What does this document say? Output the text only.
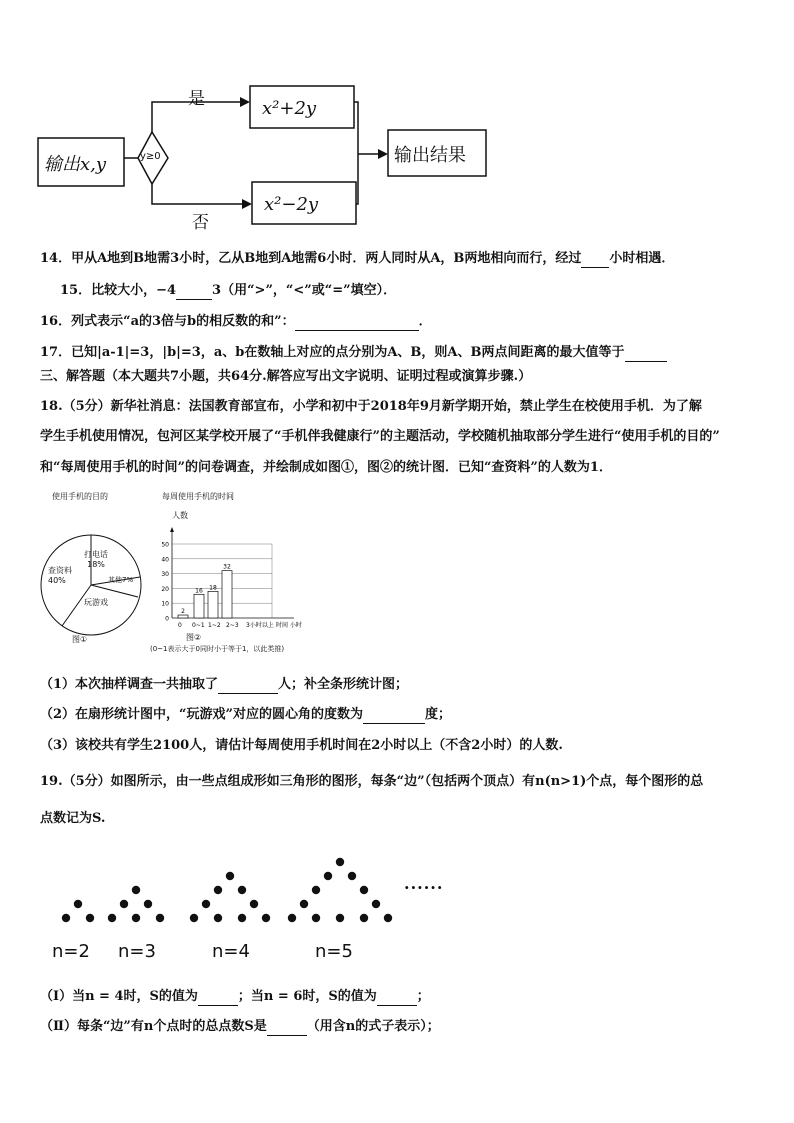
输出x,y	y≥0
是
否
x²+2y
x²−2y
输出结果
14．甲从A地到B地需3小时，乙从B地到A地需6小时．两人同时从A，B两地相向而行，经过 小时相遇．
15．比较大小，−4	3（用“>”，“<”或“=”填空）．
16．列式表示“a的3倍与b的相反数的和”：	．
17．已知|a-1|=3，|b|=3，a、b在数轴上对应的点分别为A、B，则A、B两点间距离的最大值等于
三、解答题（本大题共7小题，共64分.解答应写出文字说明、证明过程或演算步骤.）
18.（5分）新华社消息：法国教育部宣布，小学和初中于2018年9月新学期开始，禁止学生在校使用手机．为了解
学生手机使用情况，包河区某学校开展了“手机伴我健康行”的主题活动，学校随机抽取部分学生进行“使用手机的目的”
和“每周使用手机的时间”的问卷调查，并绘制成如图①，图②的统计图．已知“查资料”的人数为1．
使用手机的目的
查资料
40%
打电话
18%
其他7%
玩游戏
图①
每周使用手机的时间
人数
0
10
20
30
40
50
2
16 18
32
0 0~1 1~2 2~3 3小时以上 时间 小时
图②
(0~1表示大于0同时小于等于1，以此类推)
（1）本次抽样调查一共抽取了	人；补全条形统计图；
（2）在扇形统计图中，“玩游戏”对应的圆心角的度数为	度；
（3）该校共有学生2100人，请估计每周使用手机时间在2小时以上（不含2小时）的人数.
19.（5分）如图所示，由一些点组成形如三角形的图形，每条“边”（包括两个顶点）有n(n>1)个点，每个图形的总
点数记为S.
n=2 n=3	n=4	n=5
......
（Ⅰ）当n = 4时，S的值为	；当n = 6时，S的值为	；
（Ⅱ）每条“边”有n个点时的总点数S是	（用含n的式子表示）；
